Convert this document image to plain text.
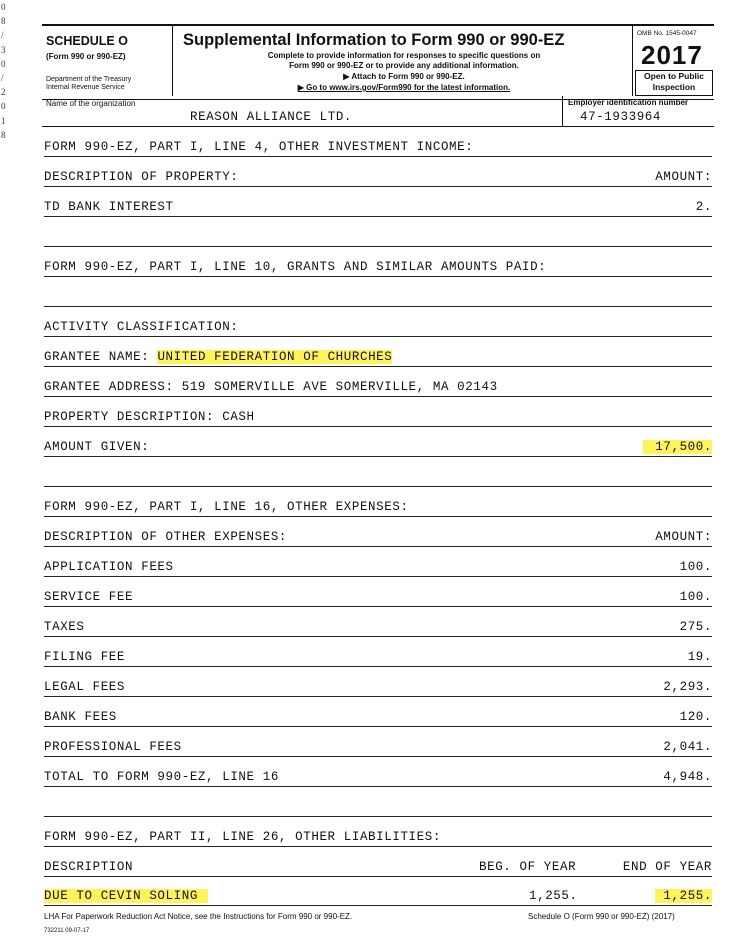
0
8
/
3
0
/
2
0
1
8
SCHEDULE O
(Form 990 or 990-EZ)
Department of the Treasury
Internal Revenue Service
Supplemental Information to Form 990 or 990-EZ
Complete to provide information for responses to specific questions on
Form 990 or 990-EZ or to provide any additional information.
▶ Attach to Form 990 or 990-EZ.
▶ Go to www.irs.gov/Form990 for the latest information.
OMB No. 1545-0047
2017
Open to Public
Inspection
Name of the organization	Employer identification number
REASON ALLIANCE LTD.	47-1933964
FORM 990-EZ, PART I, LINE 4, OTHER INVESTMENT INCOME:
DESCRIPTION OF PROPERTY:	AMOUNT:
TD BANK INTEREST	2.
FORM 990-EZ, PART I, LINE 10, GRANTS AND SIMILAR AMOUNTS PAID:
ACTIVITY CLASSIFICATION:
GRANTEE NAME: UNITED FEDERATION OF CHURCHES
GRANTEE ADDRESS: 519 SOMERVILLE AVE SOMERVILLE, MA 02143
PROPERTY DESCRIPTION: CASH
AMOUNT GIVEN:	17,500.
FORM 990-EZ, PART I, LINE 16, OTHER EXPENSES:
DESCRIPTION OF OTHER EXPENSES:	AMOUNT:
APPLICATION FEES	100.
SERVICE FEE	100.
TAXES	275.
FILING FEE	19.
LEGAL FEES	2,293.
BANK FEES	120.
PROFESSIONAL FEES	2,041.
TOTAL TO FORM 990-EZ, LINE 16	4,948.
FORM 990-EZ, PART II, LINE 26, OTHER LIABILITIES:
DESCRIPTION	BEG. OF YEAR	END OF YEAR
DUE TO CEVIN SOLING	1,255.	1,255.
LHA For Paperwork Reduction Act Notice, see the Instructions for Form 990 or 990-EZ.	Schedule O (Form 990 or 990-EZ) (2017)
732211 09-07-17
